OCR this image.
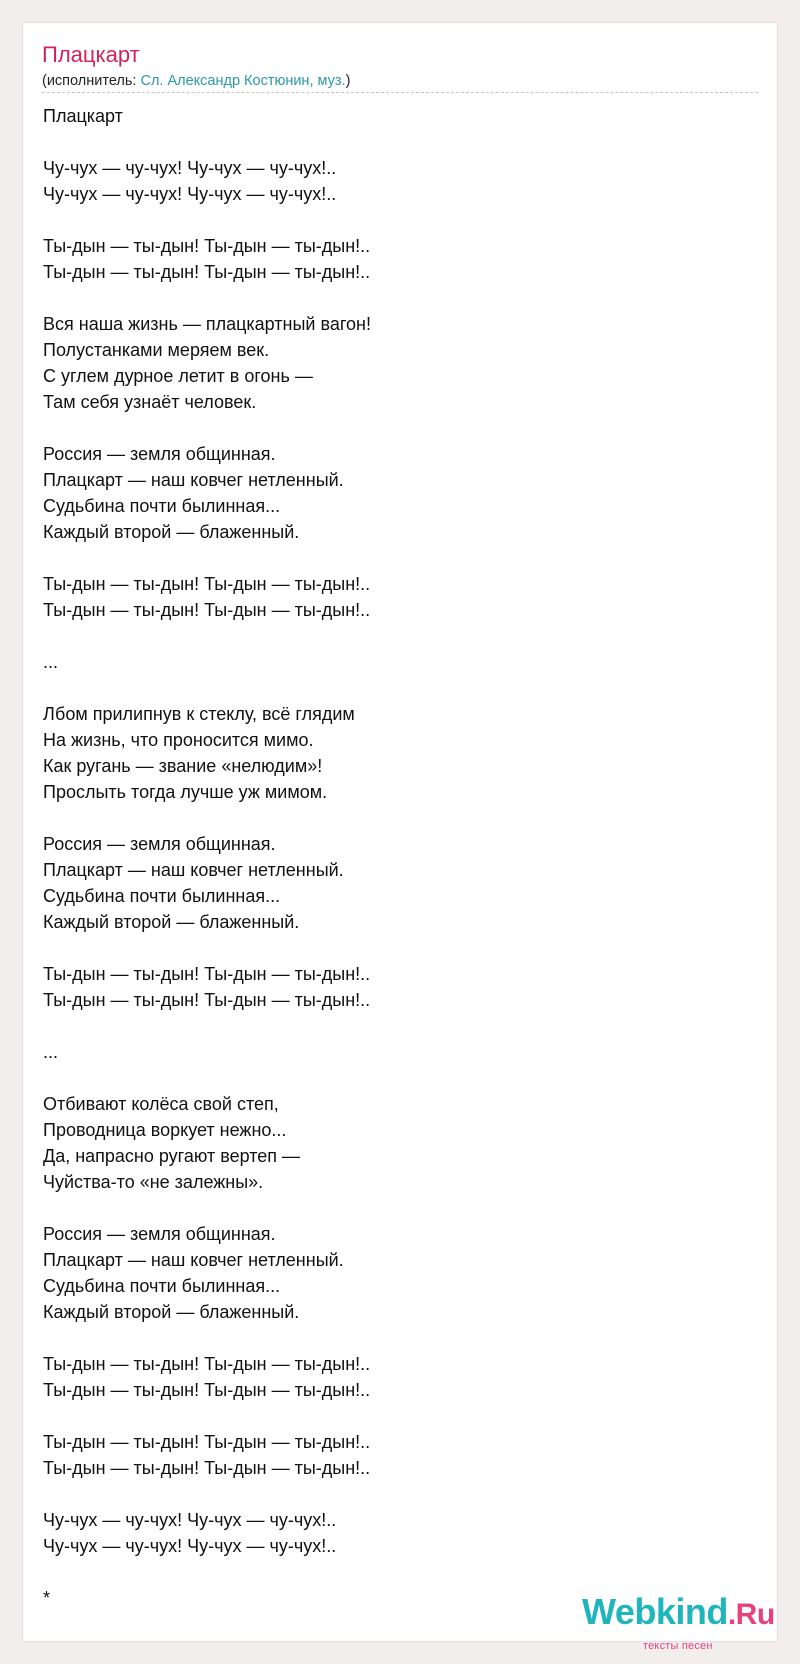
Плацкарт
(исполнитель: Сл. Александр Костюнин, муз.)
Плацкарт
Чу-чух — чу-чух! Чу-чух — чу-чух!..
Чу-чух — чу-чух! Чу-чух — чу-чух!..
Ты-дын — ты-дын! Ты-дын — ты-дын!..
Ты-дын — ты-дын! Ты-дын — ты-дын!..
Вся наша жизнь — плацкартный вагон!
Полустанками меряем век.
С углем дурное летит в огонь —
Там себя узнаёт человек.
Россия — земля общинная.
Плацкарт — наш ковчег нетленный.
Судьбина почти былинная...
Каждый второй — блаженный.
Ты-дын — ты-дын! Ты-дын — ты-дын!..
Ты-дын — ты-дын! Ты-дын — ты-дын!..
...
Лбом прилипнув к стеклу, всё глядим
На жизнь, что проносится мимо.
Как ругань — звание «нелюдим»!
Прослыть тогда лучше уж мимом.
Россия — земля общинная.
Плацкарт — наш ковчег нетленный.
Судьбина почти былинная...
Каждый второй — блаженный.
Ты-дын — ты-дын! Ты-дын — ты-дын!..
Ты-дын — ты-дын! Ты-дын — ты-дын!..
...
Отбивают колёса свой степ,
Проводница воркует нежно...
Да, напрасно ругают вертеп —
Чуйства-то «не залежны».
Россия — земля общинная.
Плацкарт — наш ковчег нетленный.
Судьбина почти былинная...
Каждый второй — блаженный.
Ты-дын — ты-дын! Ты-дын — ты-дын!..
Ты-дын — ты-дын! Ты-дын — ты-дын!..
Ты-дын — ты-дын! Ты-дын — ты-дын!..
Ты-дын — ты-дын! Ты-дын — ты-дын!..
Чу-чух — чу-чух! Чу-чух — чу-чух!..
Чу-чух — чу-чух! Чу-чух — чу-чух!..
*	Webkind.Ru
тексты песен
